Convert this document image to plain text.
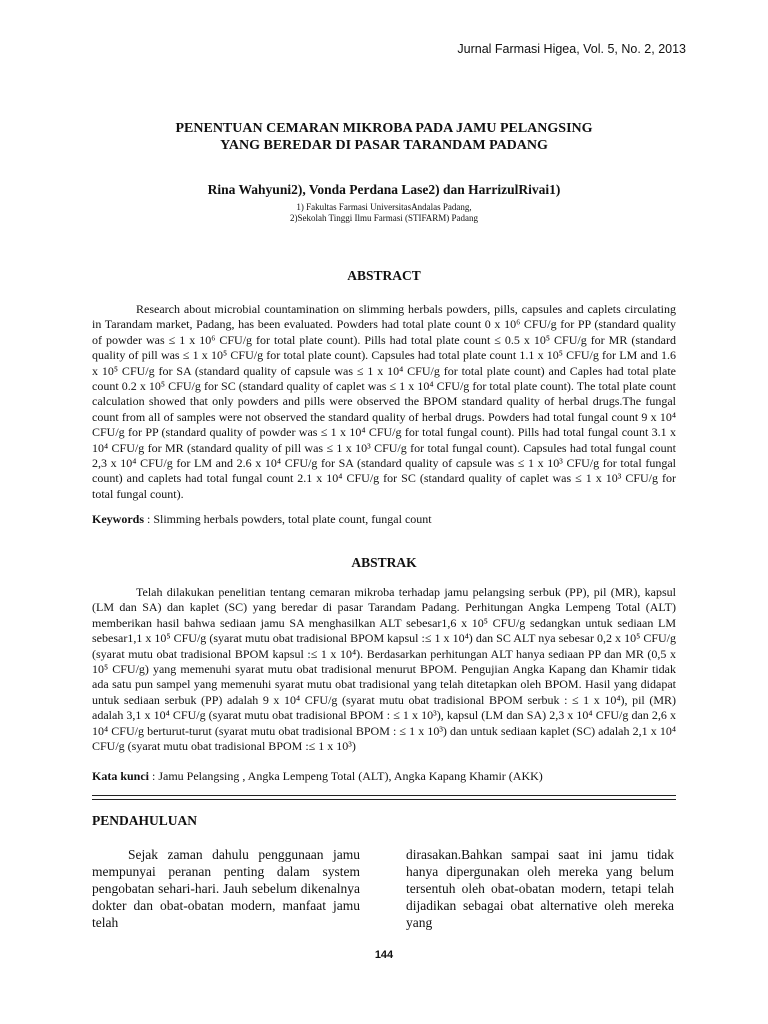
Jurnal Farmasi Higea, Vol. 5, No. 2, 2013
PENENTUAN CEMARAN MIKROBA PADA JAMU PELANGSING
YANG BEREDAR DI PASAR TARANDAM PADANG
Rina Wahyuni2), Vonda Perdana Lase2) dan HarrizulRivai1)
1) Fakultas Farmasi UniversitasAndalas Padang,
2)Sekolah Tinggi Ilmu Farmasi (STIFARM) Padang
ABSTRACT

Research about microbial countamination on slimming herbals powders, pills, capsules and caplets circulating in Tarandam market, Padang, has been evaluated. Powders had total plate count 0 x 10⁶ CFU/g for PP (standard quality of powder was ≤ 1 x 10⁶ CFU/g for total plate count). Pills had total plate count ≤ 0.5 x 10⁵ CFU/g for MR (standard quality of pill was ≤ 1 x 10⁵ CFU/g for total plate count). Capsules had total plate count 1.1 x 10⁵ CFU/g for LM and 1.6 x 10⁵ CFU/g for SA (standard quality of capsule was ≤ 1 x 10⁴ CFU/g for total plate count) and Caples had total plate count 0.2 x 10⁵ CFU/g for SC (standard quality of caplet was ≤ 1 x 10⁴ CFU/g for total plate count). The total plate count calculation showed that only powders and pills were observed the BPOM standard quality of herbal drugs.The fungal count from all of samples were not observed the standard quality of herbal drugs. Powders had total fungal count 9 x 10⁴ CFU/g for PP (standard quality of powder was ≤ 1 x 10⁴ CFU/g for total fungal count). Pills had total fungal count 3.1 x 10⁴ CFU/g for MR (standard quality of pill was ≤ 1 x 10³ CFU/g for total fungal count). Capsules had total fungal count 2,3 x 10⁴ CFU/g for LM and 2.6 x 10⁴ CFU/g for SA (standard quality of capsule was ≤ 1 x 10³ CFU/g for total fungal count) and caplets had total fungal count 2.1 x 10⁴ CFU/g for SC (standard quality of caplet was ≤ 1 x 10³ CFU/g for total fungal count).

Keywords : Slimming herbals powders, total plate count, fungal count
ABSTRAK

Telah dilakukan penelitian tentang cemaran mikroba terhadap jamu pelangsing serbuk (PP), pil (MR), kapsul (LM dan SA) dan kaplet (SC) yang beredar di pasar Tarandam Padang. Perhitungan Angka Lempeng Total (ALT) memberikan hasil bahwa sediaan jamu SA menghasilkan ALT sebesar1,6 x 10⁵ CFU/g sedangkan untuk sediaan LM sebesar1,1 x 10⁵ CFU/g (syarat mutu obat tradisional BPOM kapsul :≤ 1 x 10⁴) dan SC ALT nya sebesar 0,2 x 10⁵ CFU/g (syarat mutu obat tradisional BPOM kapsul :≤ 1 x 10⁴). Berdasarkan perhitungan ALT hanya sediaan PP dan MR (0,5 x 10⁵ CFU/g) yang memenuhi syarat mutu obat tradisional menurut BPOM. Pengujian Angka Kapang dan Khamir tidak ada satu pun sampel yang memenuhi syarat mutu obat tradisional yang telah ditetapkan oleh BPOM. Hasil yang didapat untuk sediaan serbuk (PP) adalah 9 x 10⁴ CFU/g (syarat mutu obat tradisional BPOM serbuk : ≤ 1 x 10⁴), pil (MR) adalah 3,1 x 10⁴ CFU/g (syarat mutu obat tradisional BPOM : ≤ 1 x 10³), kapsul (LM dan SA) 2,3 x 10⁴ CFU/g dan 2,6 x 10⁴ CFU/g berturut-turut (syarat mutu obat tradisional BPOM : ≤ 1 x 10³) dan untuk sediaan kaplet (SC) adalah 2,1 x 10⁴ CFU/g (syarat mutu obat tradisional BPOM :≤ 1 x 10³)

Kata kunci : Jamu Pelangsing , Angka Lempeng Total (ALT), Angka Kapang Khamir (AKK)
PENDAHULUAN
Sejak zaman dahulu penggunaan jamu mempunyai peranan penting dalam system pengobatan sehari-hari. Jauh sebelum dikenalnya dokter dan obat-obatan modern, manfaat jamu telah
dirasakan.Bahkan sampai saat ini jamu tidak hanya dipergunakan oleh mereka yang belum tersentuh oleh obat-obatan modern, tetapi telah dijadikan sebagai obat alternative oleh mereka yang
144
